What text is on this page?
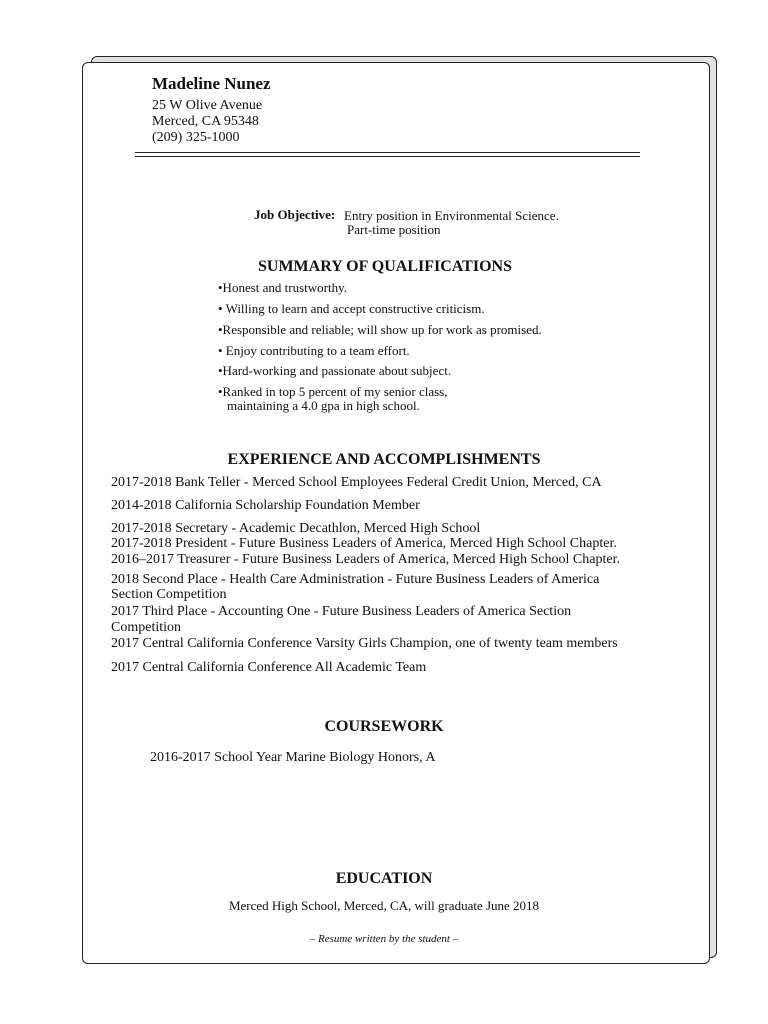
Madeline Nunez
25 W Olive Avenue
Merced, CA 95348
(209) 325-1000
Job Objective: Entry position in Environmental Science.
Part-time position
SUMMARY OF QUALIFICATIONS
•Honest and trustworthy.
• Willing to learn and accept constructive criticism.
•Responsible and reliable; will show up for work as promised.
• Enjoy contributing to a team effort.
•Hard-working and passionate about subject.
•Ranked in top 5 percent of my senior class,
maintaining a 4.0 gpa in high school.
EXPERIENCE AND ACCOMPLISHMENTS
2017-2018 Bank Teller - Merced School Employees Federal Credit Union, Merced, CA
2014-2018 California Scholarship Foundation Member
2017-2018 Secretary - Academic Decathlon, Merced High School
2017-2018 President - Future Business Leaders of America, Merced High School Chapter.
2016–2017 Treasurer - Future Business Leaders of America, Merced High School Chapter.
2018 Second Place - Health Care Administration - Future Business Leaders of America
Section Competition
2017 Third Place - Accounting One - Future Business Leaders of America Section
Competition
2017 Central California Conference Varsity Girls Champion, one of twenty team members
2017 Central California Conference All Academic Team
COURSEWORK
2016-2017 School Year Marine Biology Honors, A
EDUCATION
Merced High School, Merced, CA, will graduate June 2018
– Resume written by the student –
